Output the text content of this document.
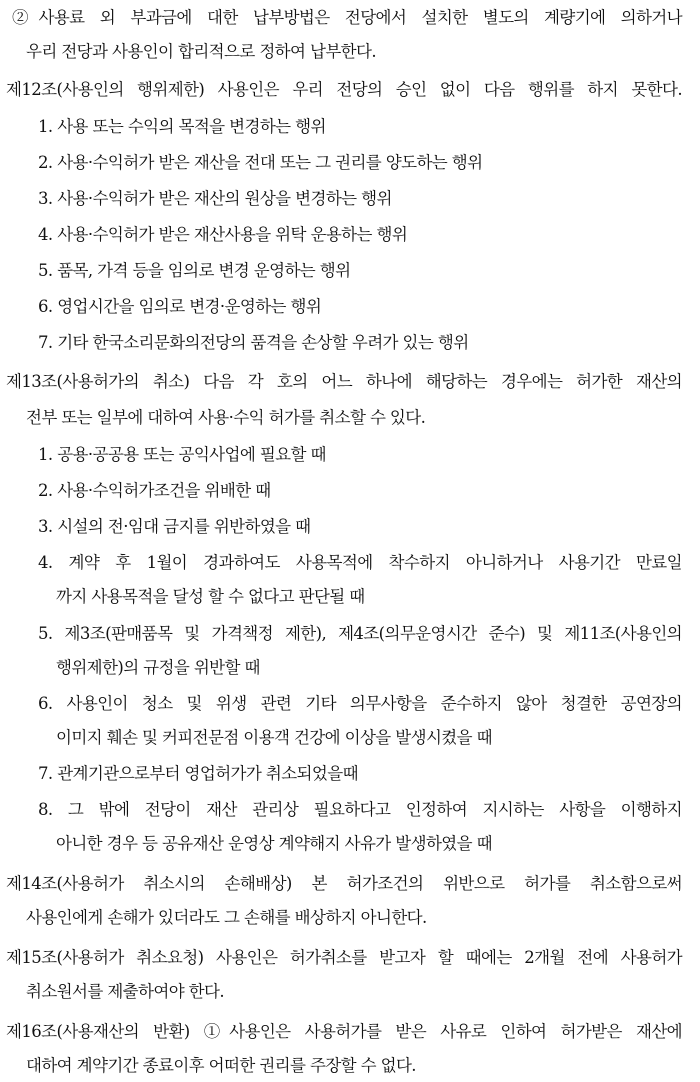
②사용료 외 부과금에 대한 납부방법은 전당에서 설치한 별도의 계량기에 의하거나
우리 전당과 사용인이 합리적으로 정하여 납부한다.
제12조(사용인의 행위제한) 사용인은 우리 전당의 승인 없이 다음 행위를 하지 못한다.
1. 사용 또는 수익의 목적을 변경하는 행위
2. 사용·수익허가 받은 재산을 전대 또는 그 권리를 양도하는 행위
3. 사용·수익허가 받은 재산의 원상을 변경하는 행위
4. 사용·수익허가 받은 재산사용을 위탁 운용하는 행위
5. 품목, 가격 등을 임의로 변경 운영하는 행위
6. 영업시간을 임의로 변경·운영하는 행위
7. 기타 한국소리문화의전당의 품격을 손상할 우려가 있는 행위
제13조(사용허가의 취소) 다음 각 호의 어느 하나에 해당하는 경우에는 허가한 재산의
전부 또는 일부에 대하여 사용·수익 허가를 취소할 수 있다.
1. 공용·공공용 또는 공익사업에 필요할 때
2. 사용·수익허가조건을 위배한 때
3. 시설의 전·임대 금지를 위반하였을 때
4. 계약 후 1월이 경과하여도 사용목적에 착수하지 아니하거나 사용기간 만료일
까지 사용목적을 달성 할 수 없다고 판단될 때
5. 제3조(판매품목 및 가격책정 제한), 제4조(의무운영시간 준수) 및 제11조(사용인의
행위제한)의 규정을 위반할 때
6. 사용인이 청소 및 위생 관련 기타 의무사항을 준수하지 않아 청결한 공연장의
이미지 훼손 및 커피전문점 이용객 건강에 이상을 발생시켰을 때
7. 관계기관으로부터 영업허가가 취소되었을때
8. 그 밖에 전당이 재산 관리상 필요하다고 인정하여 지시하는 사항을 이행하지
아니한 경우 등 공유재산 운영상 계약해지 사유가 발생하였을 때
제14조(사용허가 취소시의 손해배상) 본 허가조건의 위반으로 허가를 취소함으로써
사용인에게 손해가 있더라도 그 손해를 배상하지 아니한다.
제15조(사용허가 취소요청) 사용인은 허가취소를 받고자 할 때에는 2개월 전에 사용허가
취소원서를 제출하여야 한다.
제16조(사용재산의 반환) ①사용인은 사용허가를 받은 사유로 인하여 허가받은 재산에
대하여 계약기간 종료이후 어떠한 권리를 주장할 수 없다.
